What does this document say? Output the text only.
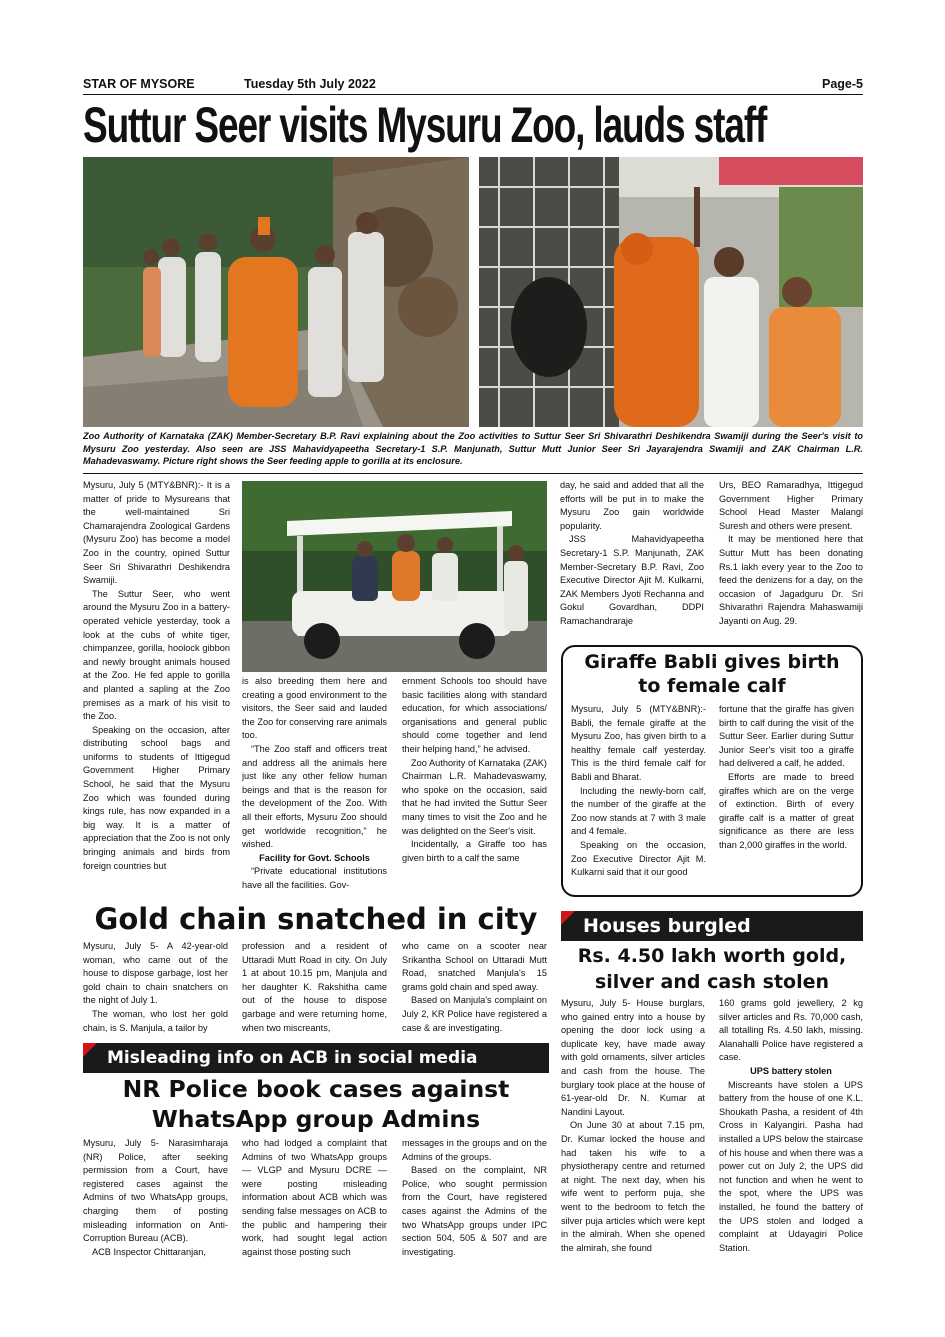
STAR OF MYSORE	Tuesday 5th July 2022	Page-5
Suttur Seer visits Mysuru Zoo, lauds staff
Zoo Authority of Karnataka (ZAK) Member-Secretary B.P. Ravi explaining about the Zoo activities to Suttur Seer Sri Shivarathri Deshikendra Swamiji during the Seer's visit to Mysuru Zoo yesterday. Also seen are JSS Mahavidyapeetha Secretary-1 S.P. Manjunath, Suttur Mutt Junior Seer Sri Jayarajendra Swamiji and ZAK Chairman L.R. Mahadevaswamy. Picture right shows the Seer feeding apple to gorilla at its enclosure.

Mysuru, July 5 (MTY&BNR):- It is a matter of pride to Mysureans that the well-maintained Sri Chamarajendra Zoological Gardens (Mysuru Zoo) has become a model Zoo in the country, opined Suttur Seer Sri Shivarathri Deshikendra Swamiji.

The Suttur Seer, who went around the Mysuru Zoo in a battery-operated vehicle yesterday, took a look at the cubs of white tiger, chimpanzee, gorilla, hoolock gibbon and newly brought animals housed at the Zoo. He fed apple to gorilla and planted a sapling at the Zoo premises as a mark of his visit to the Zoo.

Speaking on the occasion, after distributing school bags and uniforms to students of Ittigegud Government Higher Primary School, he said that the Mysuru Zoo which was founded during kings rule, has now expanded in a big way. It is a matter of appreciation that the Zoo is not only bringing animals and birds from foreign countries but

is also breeding them here and creating a good environment to the visitors, the Seer said and lauded the Zoo for conserving rare animals too.

“The Zoo staff and officers treat and address all the animals here just like any other fellow human beings and that is the reason for the development of the Zoo. With all their efforts, Mysuru Zoo should get worldwide recognition,” he wished.

Facility for Govt. Schools

“Private educational institutions have all the facilities. Gov-

ernment Schools too should have basic facilities along with standard education, for which associations/ organisations and general public should come together and lend their helping hand,” he advised.

Zoo Authority of Karnataka (ZAK) Chairman L.R. Mahadevaswamy, who spoke on the occasion, said that he had invited the Suttur Seer many times to visit the Zoo and he was delighted on the Seer's visit.

Incidentally, a Giraffe too has given birth to a calf the same

day, he said and added that all the efforts will be put in to make the Mysuru Zoo gain worldwide popularity.

JSS Mahavidyapeetha Secretary-1 S.P. Manjunath, ZAK Member-Secretary B.P. Ravi, Zoo Executive Director Ajit M. Kulkarni, ZAK Members Jyoti Rechanna and Gokul Govardhan, DDPI Ramachandraraje

Urs, BEO Ramaradhya, Ittigegud Government Higher Primary School Head Master Malangi Suresh and others were present.

It may be mentioned here that Suttur Mutt has been donating Rs.1 lakh every year to the Zoo to feed the denizens for a day, on the occasion of Jagadguru Dr. Sri Shivarathri Rajendra Mahaswamiji Jayanti on Aug. 29.

Giraffe Babli gives birth
to female calf

Mysuru, July 5 (MTY&BNR):- Babli, the female giraffe at the Mysuru Zoo, has given birth to a healthy female calf yesterday. This is the third female calf for Babli and Bharat.

Including the newly-born calf, the number of the giraffe at the Zoo now stands at 7 with 3 male and 4 female.

Speaking on the occasion, Zoo Executive Director Ajit M. Kulkarni said that it our good

fortune that the giraffe has given birth to calf during the visit of the Suttur Seer. Earlier during Suttur Junior Seer's visit too a giraffe had delivered a calf, he added.

Efforts are made to breed giraffes which are on the verge of extinction. Birth of every giraffe calf is a matter of great significance as there are less than 2,000 giraffes in the world.

Gold chain snatched in city

Mysuru, July 5- A 42-year-old woman, who came out of the house to dispose garbage, lost her gold chain to chain snatchers on the night of July 1.

The woman, who lost her gold chain, is S. Manjula, a tailor by

profession and a resident of Uttaradi Mutt Road in city. On July 1 at about 10.15 pm, Manjula and her daughter K. Rakshitha came out of the house to dispose garbage and were returning home, when two miscreants,

who came on a scooter near Srikantha School on Uttaradi Mutt Road, snatched Manjula's 15 grams gold chain and sped away.

Based on Manjula's complaint on July 2, KR Police have registered a case & are investigating.

Misleading info on ACB in social media
NR Police book cases against
WhatsApp group Admins

Mysuru, July 5- Narasimharaja (NR) Police, after seeking permission from a Court, have registered cases against the Admins of two WhatsApp groups, charging them of posting misleading information on Anti-Corruption Bureau (ACB).

ACB Inspector Chittaranjan,

who had lodged a complaint that Admins of two WhatsApp groups — VLGP and Mysuru DCRE — were posting misleading information about ACB which was sending false messages on ACB to the public and hampering their work, had sought legal action against those posting such

messages in the groups and on the Admins of the groups.

Based on the complaint, NR Police, who sought permission from the Court, have registered cases against the Admins of the two WhatsApp groups under IPC section 504, 505 & 507 and are investigating.

Houses burgled
Rs. 4.50 lakh worth gold,
silver and cash stolen

Mysuru, July 5- House burglars, who gained entry into a house by opening the door lock using a duplicate key, have made away with gold ornaments, silver articles and cash from the house. The burglary took place at the house of 61-year-old Dr. N. Kumar at Nandini Layout.

On June 30 at about 7.15 pm, Dr. Kumar locked the house and had taken his wife to a physiotherapy centre and returned at night. The next day, when his wife went to perform puja, she went to the bedroom to fetch the silver puja articles which were kept in the almirah. When she opened the almirah, she found

160 grams gold jewellery, 2 kg silver articles and Rs. 70,000 cash, all totalling Rs. 4.50 lakh, missing. Alanahalli Police have registered a case.

UPS battery stolen

Miscreants have stolen a UPS battery from the house of one K.L. Shoukath Pasha, a resident of 4th Cross in Kalyangiri. Pasha had installed a UPS below the staircase of his house and when there was a power cut on July 2, the UPS did not function and when he went to the spot, where the UPS was installed, he found the battery of the UPS stolen and lodged a complaint at Udayagiri Police Station.
